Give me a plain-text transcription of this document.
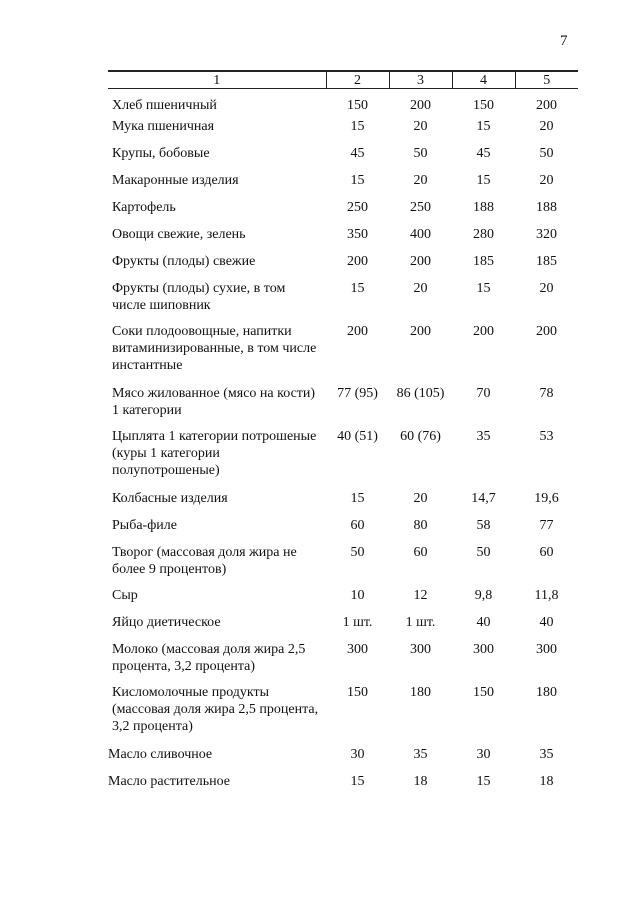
7
1	2	3	4	5
Хлеб пшеничный	150	200	150	200
Мука пшеничная	15	20	15	20
Крупы, бобовые	45	50	45	50
Макаронные изделия	15	20	15	20
Картофель	250	250	188	188
Овощи свежие, зелень	350	400	280	320
Фрукты (плоды) свежие	200	200	185	185
Фрукты (плоды) сухие, в том числе шиповник	15	20	15	20
Соки плодоовощные, напитки витаминизированные, в том числе инстантные	200	200	200	200
Мясо жилованное (мясо на кости) 1 категории	77 (95)	86 (105)	70	78
Цыплята 1 категории потрошеные (куры 1 категории полупотрошеные)	40 (51)	60 (76)	35	53
Колбасные изделия	15	20	14,7	19,6
Рыба-филе	60	80	58	77
Творог (массовая доля жира не более 9 процентов)	50	60	50	60
Сыр	10	12	9,8	11,8
Яйцо диетическое	1 шт.	1 шт.	40	40
Молоко (массовая доля жира 2,5 процента, 3,2 процента)	300	300	300	300
Кисломолочные продукты (массовая доля жира 2,5 процента, 3,2 процента)	150	180	150	180
Масло сливочное	30	35	30	35
Масло растительное	15	18	15	18
